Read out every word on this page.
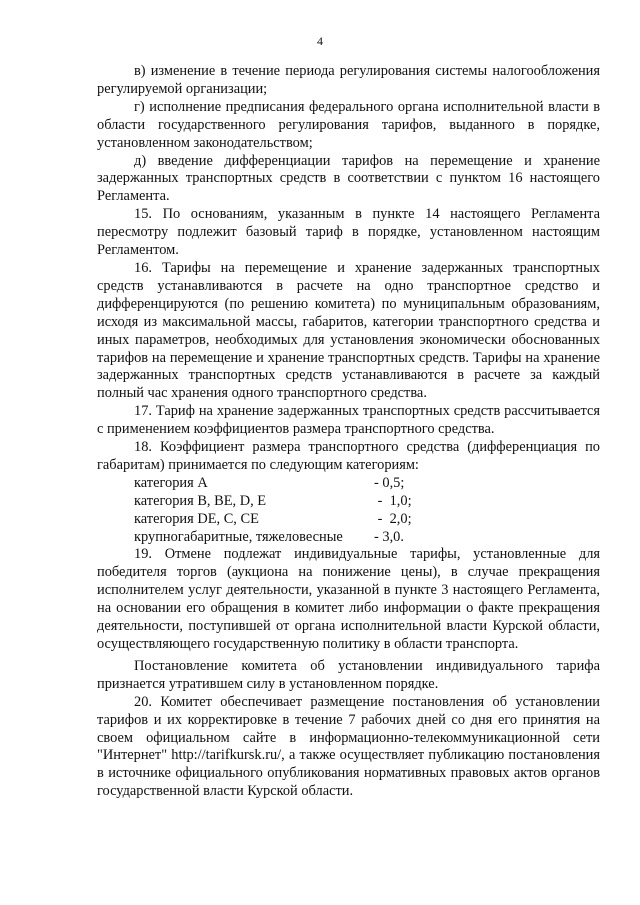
4

в) изменение в течение периода регулирования системы налогообложения регулируемой организации;

г) исполнение предписания федерального органа исполнительной власти в области государственного регулирования тарифов, выданного в порядке, установленном законодательством;

д) введение дифференциации тарифов на перемещение и хранение задержанных транспортных средств в соответствии с пунктом 16 настоящего Регламента.

15. По основаниям, указанным в пункте 14 настоящего Регламента пересмотру подлежит базовый тариф в порядке, установленном настоящим Регламентом.

16. Тарифы на перемещение и хранение задержанных транспортных средств устанавливаются в расчете на одно транспортное средство и дифференцируются (по решению комитета) по муниципальным образованиям, исходя из максимальной массы, габаритов, категории транспортного средства и иных параметров, необходимых для установления экономически обоснованных тарифов на перемещение и хранение транспортных средств. Тарифы на хранение задержанных транспортных средств устанавливаются в расчете за каждый полный час хранения одного транспортного средства.

17. Тариф на хранение задержанных транспортных средств рассчитывается с применением коэффициентов размера транспортного средства.

18. Коэффициент размера транспортного средства (дифференциация по габаритам) принимается по следующим категориям:

категория А	- 0,5;
категория В, ВЕ, D, Е	-  1,0;
категория DE, С, СЕ	-  2,0;
крупногабаритные, тяжеловесные	- 3,0.

19. Отмене подлежат индивидуальные тарифы, установленные для победителя торгов (аукциона на понижение цены), в случае прекращения исполнителем услуг деятельности, указанной в пункте 3 настоящего Регламента, на основании его обращения в комитет либо информации о факте прекращения деятельности, поступившей от органа исполнительной власти Курской области, осуществляющего государственную политику в области транспорта.

Постановление комитета об установлении индивидуального тарифа признается утратившем силу в установленном порядке.

20. Комитет обеспечивает размещение постановления об установлении тарифов и их корректировке в течение 7 рабочих дней со дня его принятия на своем официальном сайте в информационно-телекоммуникационной сети "Интернет" http://tarifkursk.ru/, а также осуществляет публикацию постановления в источнике официального опубликования нормативных правовых актов органов государственной власти Курской области.
